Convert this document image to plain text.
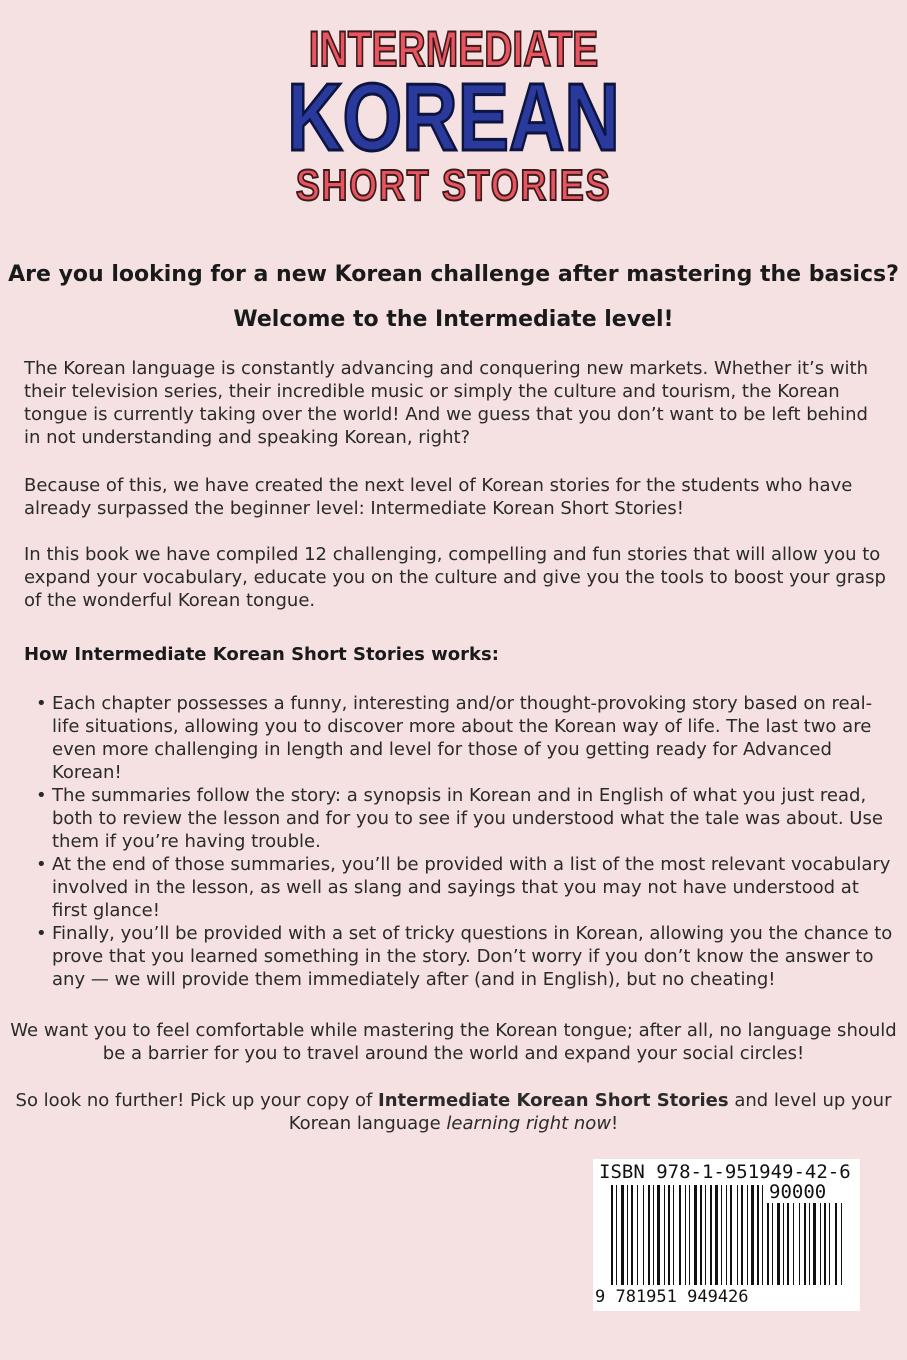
INTERMEDIATE
KOREAN
SHORT STORIES
Are you looking for a new Korean challenge after mastering the basics?
Welcome to the Intermediate level!
The Korean language is constantly advancing and conquering new markets. Whether it’s with their television series, their incredible music or simply the culture and tourism, the Korean tongue is currently taking over the world! And we guess that you don’t want to be left behind in not understanding and speaking Korean, right?
Because of this, we have created the next level of Korean stories for the students who have already surpassed the beginner level: Intermediate Korean Short Stories!
In this book we have compiled 12 challenging, compelling and fun stories that will allow you to expand your vocabulary, educate you on the culture and give you the tools to boost your grasp of the wonderful Korean tongue.
How Intermediate Korean Short Stories works:
• Each chapter possesses a funny, interesting and/or thought-provoking story based on real-life situations, allowing you to discover more about the Korean way of life. The last two are even more challenging in length and level for those of you getting ready for Advanced Korean!
• The summaries follow the story: a synopsis in Korean and in English of what you just read, both to review the lesson and for you to see if you understood what the tale was about. Use them if you’re having trouble.
• At the end of those summaries, you’ll be provided with a list of the most relevant vocabulary involved in the lesson, as well as slang and sayings that you may not have understood at first glance!
• Finally, you’ll be provided with a set of tricky questions in Korean, allowing you the chance to prove that you learned something in the story. Don’t worry if you don’t know the answer to any — we will provide them immediately after (and in English), but no cheating!
We want you to feel comfortable while mastering the Korean tongue; after all, no language should be a barrier for you to travel around the world and expand your social circles!
So look no further! Pick up your copy of Intermediate Korean Short Stories and level up your Korean language learning right now!
ISBN 978-1-951949-42-6
90000
9 781951 949426
